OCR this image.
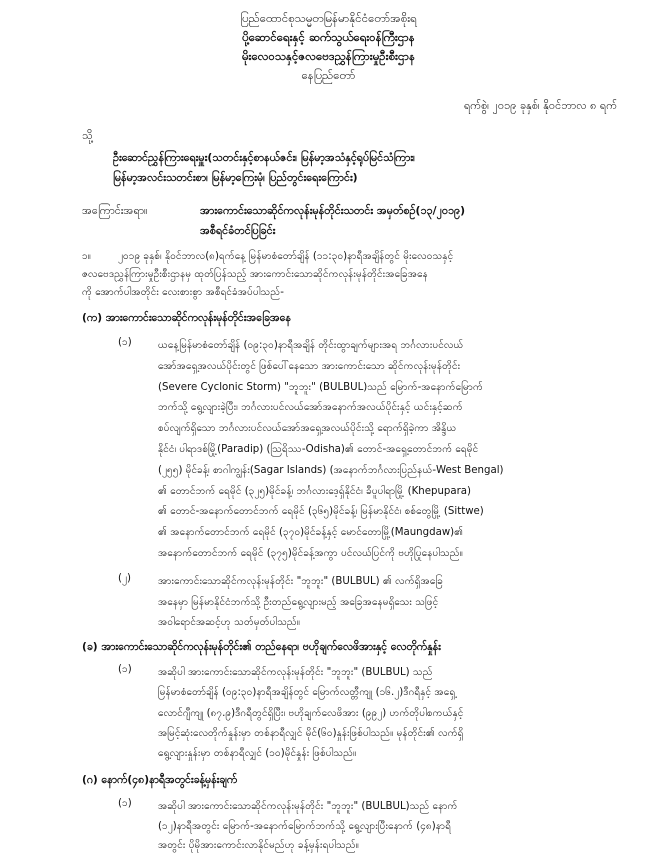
ပြည်ထောင်စုသမ္မတမြန်မာနိုင်ငံတော်အစိုးရ
ပို့ဆောင်ရေးနှင့် ဆက်သွယ်ရေးဝန်ကြီးဌာန
မိုးလေဝသနှင့်ဇလဗေဒညွှန်ကြားမှုဦးစီးဌာန
နေပြည်တော်
ရက်စွဲ၊ ၂၀၁၉ ခုနှစ်၊ နိုဝင်ဘာလ ၈ ရက်
သို့
ဦးဆောင်ညွှန်ကြားရေးမှူး(သတင်းနှင့်စာနယ်ဇင်း၊ မြန်မာ့အသံနှင့်ရုပ်မြင်သံကြား၊
မြန်မာ့အလင်းသတင်းစာ၊ မြန်မာ့ကြေးမုံ၊ ပြည်တွင်းရေးကြောင်း)
အကြောင်းအရာ။	အားကောင်းသောဆိုင်ကလုန်းမုန်တိုင်းသတင်း အမှတ်စဉ်(၁၃/၂၀၁၉)
အစီရင်ခံတင်ပြခြင်း
၁။	၂၀၁၉ ခုနှစ်၊ နိုဝင်ဘာလ(၈)ရက်နေ့ မြန်မာစံတော်ချိန် (၁၁:၃၀)နာရီအချိန်တွင် မိုးလေဝသနှင့်
ဇလဗေဒညွှန်ကြားမှုဦးစီးဌာနမှ ထုတ်ပြန်သည့် အားကောင်းသောဆိုင်ကလုန်းမုန်တိုင်းအခြေအနေ
ကို အောက်ပါအတိုင်း လေးစားစွာ အစီရင်ခံအပ်ပါသည်-
(က) အားကောင်းသောဆိုင်ကလုန်းမုန်တိုင်းအခြေအနေ
(၁)	ယနေ့မြန်မာစံတော်ချိန် (၀၉:၃၀)နာရီအချိန် တိုင်းထွာချက်များအရ ဘင်္ဂလားပင်လယ်
အော်အရှေ့အလယ်ပိုင်းတွင် ဖြစ်ပေါ်နေသော အားကောင်းသော ဆိုင်ကလုန်းမုန်တိုင်း
(Severe Cyclonic Storm) "ဘူဘူး" (BULBUL)သည် မြောက်-အနောက်မြောက်
ဘက်သို့ ရွေ့လျားခဲ့ပြီး၊ ဘင်္ဂလားပင်လယ်အော်အနောက်အလယ်ပိုင်းနှင့် ယင်းနှင့်ဆက်
စပ်လျက်ရှိသော ဘင်္ဂလားပင်လယ်အော်အရှေ့အလယ်ပိုင်းသို့ ရောက်ရှိခဲ့ကာ အိန္ဒိယ
နိုင်ငံ၊ ပါရာဒစ်မြို့(Paradip) (ဩရိဿ-Odisha)၏ တောင်-အရှေ့တောင်ဘက် ရေမိုင်
(၂၅၅) မိုင်ခန့်၊ စာဂါကျွန်း(Sagar Islands) (အနောက်ဘင်္ဂလားပြည်နယ်-West Bengal)
၏ တောင်ဘက် ရေမိုင် (၃၂၅)မိုင်ခန့်၊ ဘင်္ဂလားဒေ့ရှ်နိုင်ငံ၊ ခီပူပါရာမြို့ (Khepupara)
၏ တောင်-အနောက်တောင်ဘက် ရေမိုင် (၃၆၅)မိုင်ခန့်၊ မြန်မာနိုင်ငံ၊ စစ်တွေမြို့ (Sittwe)
၏ အနောက်တောင်ဘက် ရေမိုင် (၃၇၀)မိုင်ခန့်နှင့် မောင်တောမြို့(Maungdaw)၏
အနောက်တောင်ဘက် ရေမိုင် (၃၇၅)မိုင်ခန့်အကွာ ပင်လယ်ပြင်ကို ဗဟိုပြုနေပါသည်။
(၂)	အားကောင်းသောဆိုင်ကလုန်းမုန်တိုင်း "ဘူဘူး" (BULBUL) ၏ လက်ရှိအခြေ
အနေမှာ မြန်မာနိုင်ငံဘက်သို့ ဦးတည်ရွေ့လျားမည့် အခြေအနေမရှိသေး သဖြင့်
အဝါရောင်အဆင့်ဟု သတ်မှတ်ပါသည်။
(ခ) အားကောင်းသောဆိုင်ကလုန်းမုန်တိုင်း၏ တည်နေရာ၊ ဗဟိုချက်လေဖိအားနှင့် လေတိုက်နှုန်း
(၁)	အဆိုပါ အားကောင်းသောဆိုင်ကလုန်းမုန်တိုင်း "ဘူဘူး" (BULBUL) သည်
မြန်မာစံတော်ချိန် (၀၉:၃၀)နာရီအချိန်တွင် မြောက်လတ္တီကျု (၁၆.၂)ဒီဂရီနှင့် အရှေ့
လောင်ဂျီကျု (၈၇.၉)ဒီဂရီတွင်ရှိပြီး၊ ဗဟိုချက်လေဖိအား (၉၉၂) ဟက်တိုပါစကယ်နှင့်
အမြင့်ဆုံးလေတိုက်နှုန်းမှာ တစ်နာရီလျှင် မိုင်(၆၀)နှုန်းဖြစ်ပါသည်။ မုန်တိုင်း၏ လက်ရှိ
ရွေ့လျားနှုန်းမှာ တစ်နာရီလျှင် (၁၀)မိုင်နှုန်း ဖြစ်ပါသည်။
(ဂ) နောက်(၄၈)နာရီအတွင်းခန့်မှန်းချက်
(၁)	အဆိုပါ အားကောင်းသောဆိုင်ကလုန်းမုန်တိုင်း "ဘူဘူး" (BULBUL)သည် နောက်
(၁၂)နာရီအတွင်း မြောက်-အနောက်မြောက်ဘက်သို့ ရွေ့လျားပြီးနောက် (၄၈)နာရီ
အတွင်း ပိုမိုအားကောင်းလာနိုင်မည်ဟု ခန့်မှန်းရပါသည်။
